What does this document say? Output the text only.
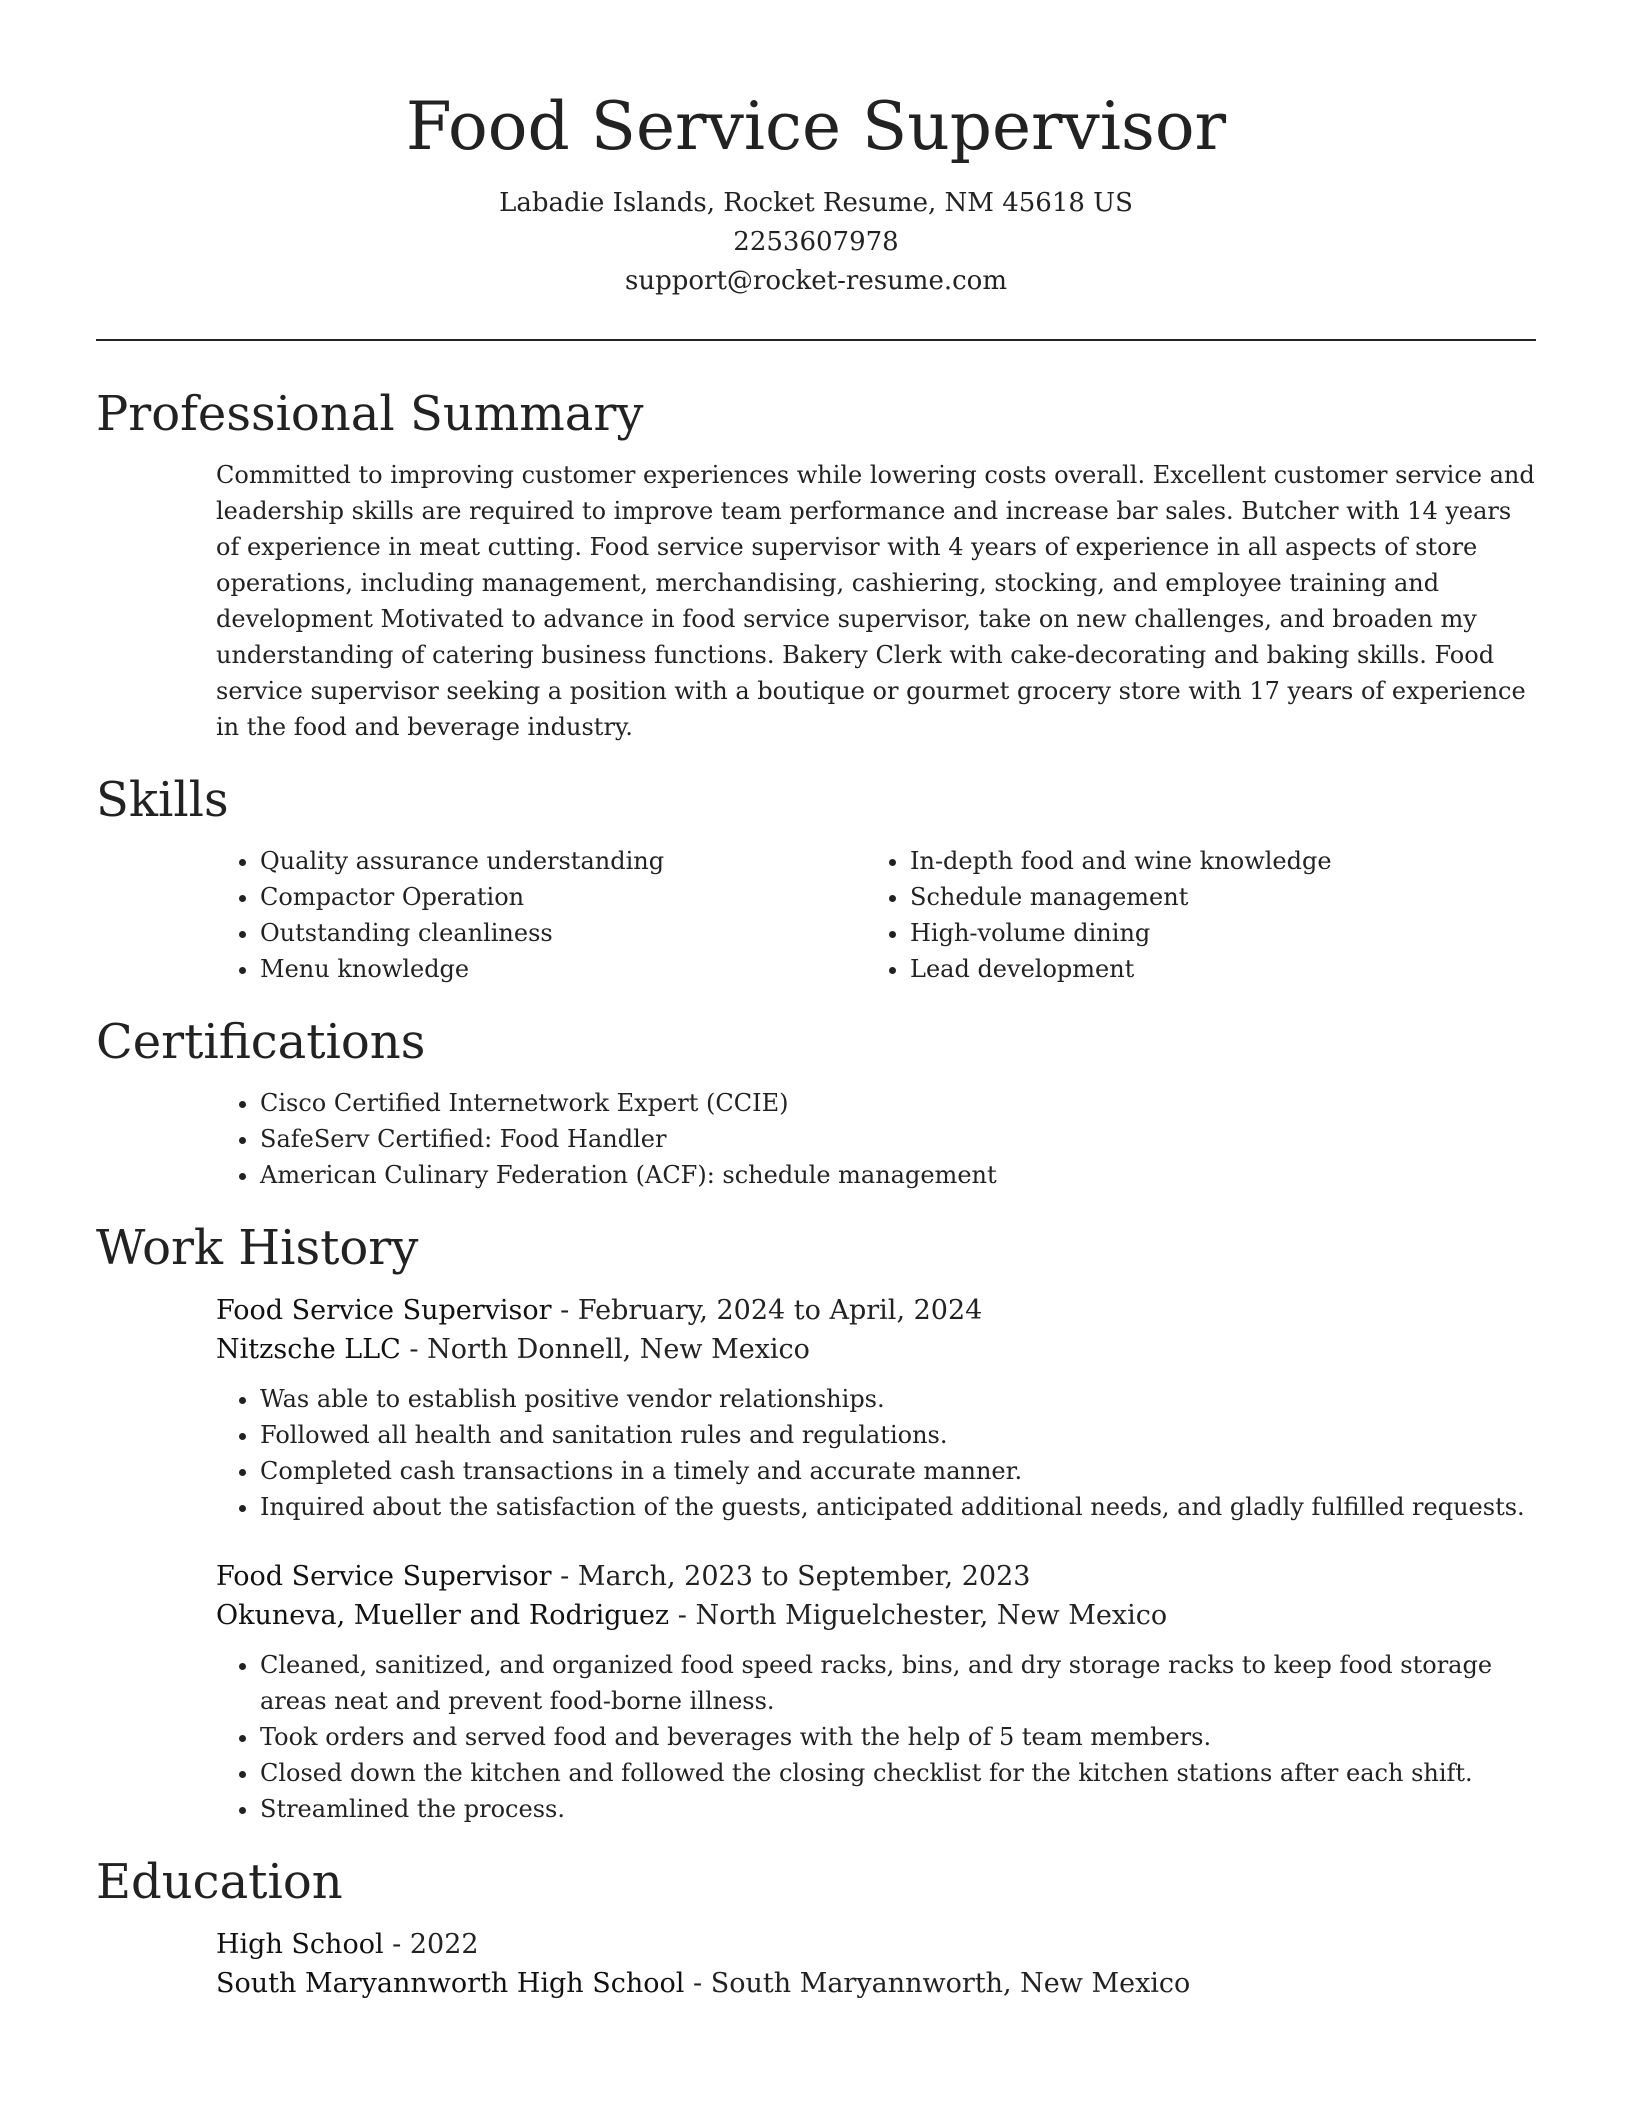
Food Service Supervisor
Labadie Islands, Rocket Resume, NM 45618 US
2253607978
support@rocket-resume.com
Professional Summary

Committed to improving customer experiences while lowering costs overall. Excellent customer service and leadership skills are required to improve team performance and increase bar sales. Butcher with 14 years of experience in meat cutting. Food service supervisor with 4 years of experience in all aspects of store operations, including management, merchandising, cashiering, stocking, and employee training and development Motivated to advance in food service supervisor, take on new challenges, and broaden my understanding of catering business functions. Bakery Clerk with cake-decorating and baking skills. Food service supervisor seeking a position with a boutique or gourmet grocery store with 17 years of experience in the food and beverage industry.

Skills
• Quality assurance understanding
• Compactor Operation
• Outstanding cleanliness
• Menu knowledge
• In-depth food and wine knowledge
• Schedule management
• High-volume dining
• Lead development
Certifications
• Cisco Certified Internetwork Expert (CCIE)
• SafeServ Certified: Food Handler
• American Culinary Federation (ACF): schedule management
Work History
Food Service Supervisor - February, 2024 to April, 2024
Nitzsche LLC - North Donnell, New Mexico
• Was able to establish positive vendor relationships.
• Followed all health and sanitation rules and regulations.
• Completed cash transactions in a timely and accurate manner.
• Inquired about the satisfaction of the guests, anticipated additional needs, and gladly fulfilled requests.
Food Service Supervisor - March, 2023 to September, 2023
Okuneva, Mueller and Rodriguez - North Miguelchester, New Mexico
• Cleaned, sanitized, and organized food speed racks, bins, and dry storage racks to keep food storage areas neat and prevent food-borne illness.
• Took orders and served food and beverages with the help of 5 team members.
• Closed down the kitchen and followed the closing checklist for the kitchen stations after each shift.
• Streamlined the process.
Education
High School - 2022
South Maryannworth High School - South Maryannworth, New Mexico
